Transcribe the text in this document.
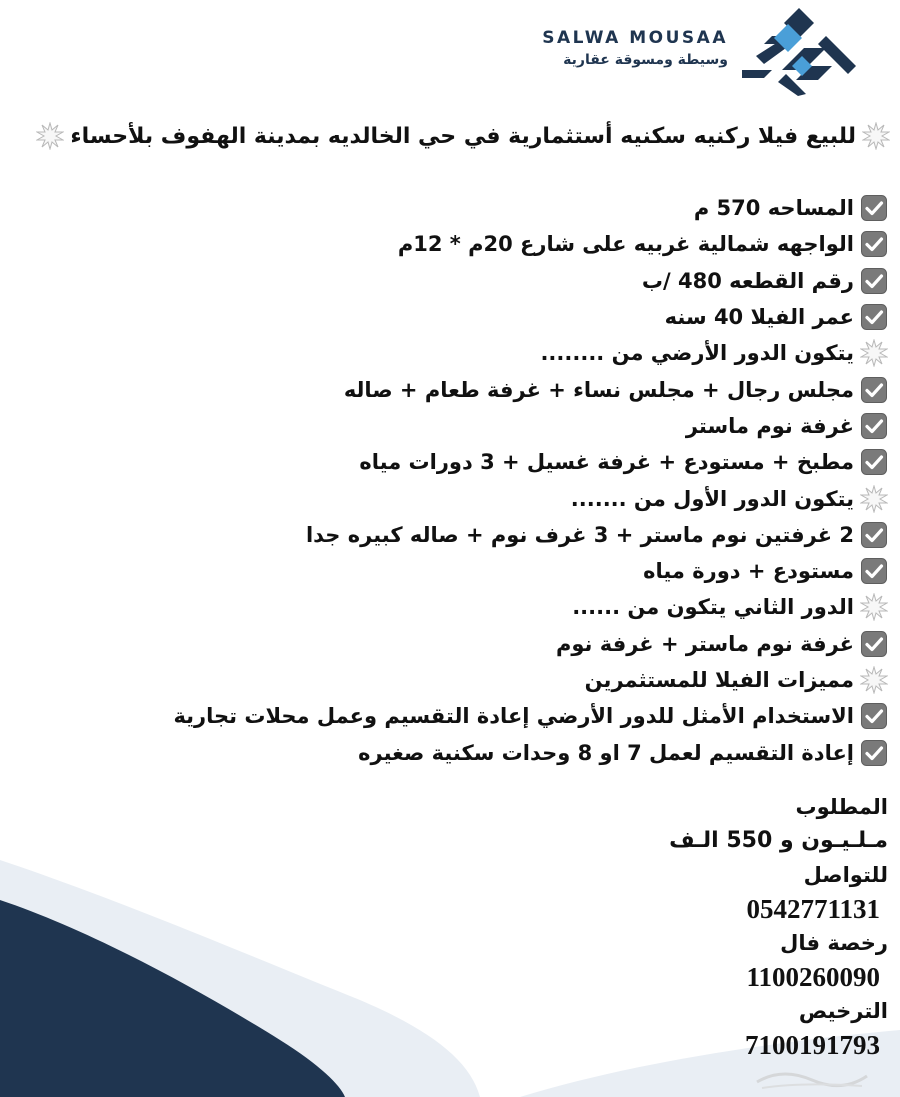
SALWA MOUSAA
وسيطة ومسوقة عقارية
للبيع فيلا ركنيه سكنيه أستثمارية في حي الخالديه بمدينة الهفوف بلأحساء
المساحه 570 م
الواجهه شمالية غربيه على شارع 20م * 12م
رقم القطعه 480 /ب
عمر الفيلا 40 سنه
يتكون الدور الأرضي من ........
مجلس رجال + مجلس نساء + غرفة طعام + صاله
غرفة نوم ماستر
مطبخ + مستودع + غرفة غسيل + 3 دورات مياه
يتكون الدور الأول من .......
2 غرفتين نوم ماستر + 3 غرف نوم + صاله كبيره جدا
مستودع + دورة مياه
الدور الثاني يتكون من ......
غرفة نوم ماستر + غرفة نوم
مميزات الفيلا للمستثمرين
الاستخدام الأمثل للدور الأرضي إعادة التقسيم وعمل محلات تجارية
إعادة التقسيم لعمل 7 او 8 وحدات سكنية صغيره
المطلوب
مـلـيـون و 550 الـف
للتواصل
0542771131
رخصة فال
1100260090
الترخيص
7100191793
